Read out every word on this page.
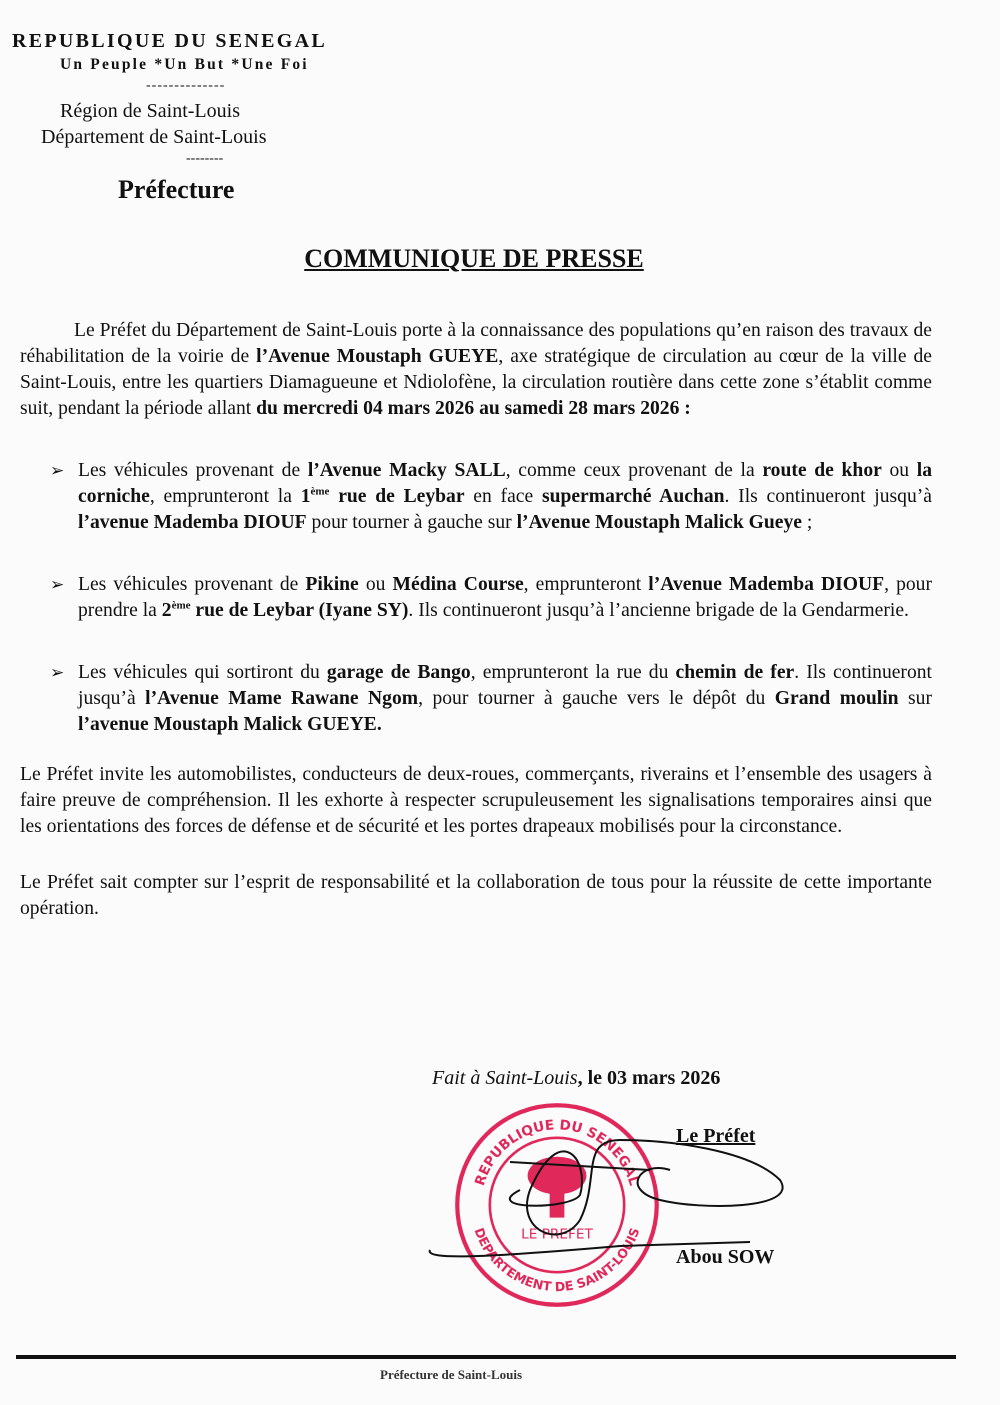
REPUBLIQUE DU SENEGAL
Un Peuple *Un But *Une Foi
--------------
Région de Saint-Louis
Département de Saint-Louis
--------
Préfecture
COMMUNIQUE DE PRESSE
Le Préfet du Département de Saint-Louis porte à la connaissance des populations qu’en raison des travaux de réhabilitation de la voirie de l’Avenue Moustaph GUEYE, axe stratégique de circulation au cœur de la ville de Saint-Louis, entre les quartiers Diamagueune et Ndiolofène, la circulation routière dans cette zone s’établit comme suit, pendant la période allant du mercredi 04 mars 2026 au samedi 28 mars 2026 :
➢ Les véhicules provenant de l’Avenue Macky SALL, comme ceux provenant de la route de khor ou la corniche, emprunteront la 1ème rue de Leybar en face supermarché Auchan. Ils continueront jusqu’à l’avenue Mademba DIOUF pour tourner à gauche sur l’Avenue Moustaph Malick Gueye ;
➢ Les véhicules provenant de Pikine ou Médina Course, emprunteront l’Avenue Mademba DIOUF, pour prendre la 2ème rue de Leybar (Iyane SY). Ils continueront jusqu’à l’ancienne brigade de la Gendarmerie.
➢ Les véhicules qui sortiront du garage de Bango, emprunteront la rue du chemin de fer. Ils continueront jusqu’à l’Avenue Mame Rawane Ngom, pour tourner à gauche vers le dépôt du Grand moulin sur l’avenue Moustaph Malick GUEYE.
Le Préfet invite les automobilistes, conducteurs de deux-roues, commerçants, riverains et l’ensemble des usagers à faire preuve de compréhension. Il les exhorte à respecter scrupuleusement les signalisations temporaires ainsi que les orientations des forces de défense et de sécurité et les portes drapeaux mobilisés pour la circonstance.
Le Préfet sait compter sur l’esprit de responsabilité et la collaboration de tous pour la réussite de cette importante opération.
Fait à Saint-Louis, le 03 mars 2026
REPUBLIQUE DU SENEGAL
DEPARTEMENT DE SAINT-LOUIS
LE PREFET
Le Préfet
Abou SOW
Préfecture de Saint-Louis
